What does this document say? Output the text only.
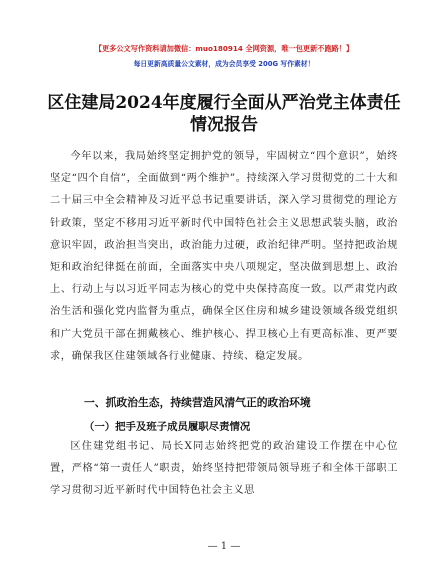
【更多公文写作资料请加微信：muo180914 全网资源，唯一包更新不跑路！】
每日更新高质量公文素材，成为会员享受 200G 写作素材！
区住建局2024年度履行全面从严治党主体责任
情况报告
今年以来，我局始终坚定拥护党的领导，牢固树立“四个意识”，始终坚定“四个自信”，全面做到“两个维护”。持续深入学习贯彻党的二十大和二十届三中全会精神及习近平总书记重要讲话，深入学习贯彻党的理论方针政策，坚定不移用习近平新时代中国特色社会主义思想武装头脑，政治意识牢固，政治担当突出，政治能力过硬，政治纪律严明。坚持把政治规矩和政治纪律挺在前面，全面落实中央八项规定，坚决做到思想上、政治上、行动上与以习近平同志为核心的党中央保持高度一致。以严肃党内政治生活和强化党内监督为重点，确保全区住房和城乡建设领域各级党组织和广大党员干部在拥戴核心、维护核心、捍卫核心上有更高标准、更严要求，确保我区住建领域各行业健康、持续、稳定发展。
一、抓政治生态，持续营造风清气正的政治环境
（一）把手及班子成员履职尽责情况
区住建党组书记、局长X同志始终把党的政治建设工作摆在中心位置，严格“第一责任人”职责，始终坚持把带领局领导班子和全体干部职工学习贯彻习近平新时代中国特色社会主义思
— 1 —
